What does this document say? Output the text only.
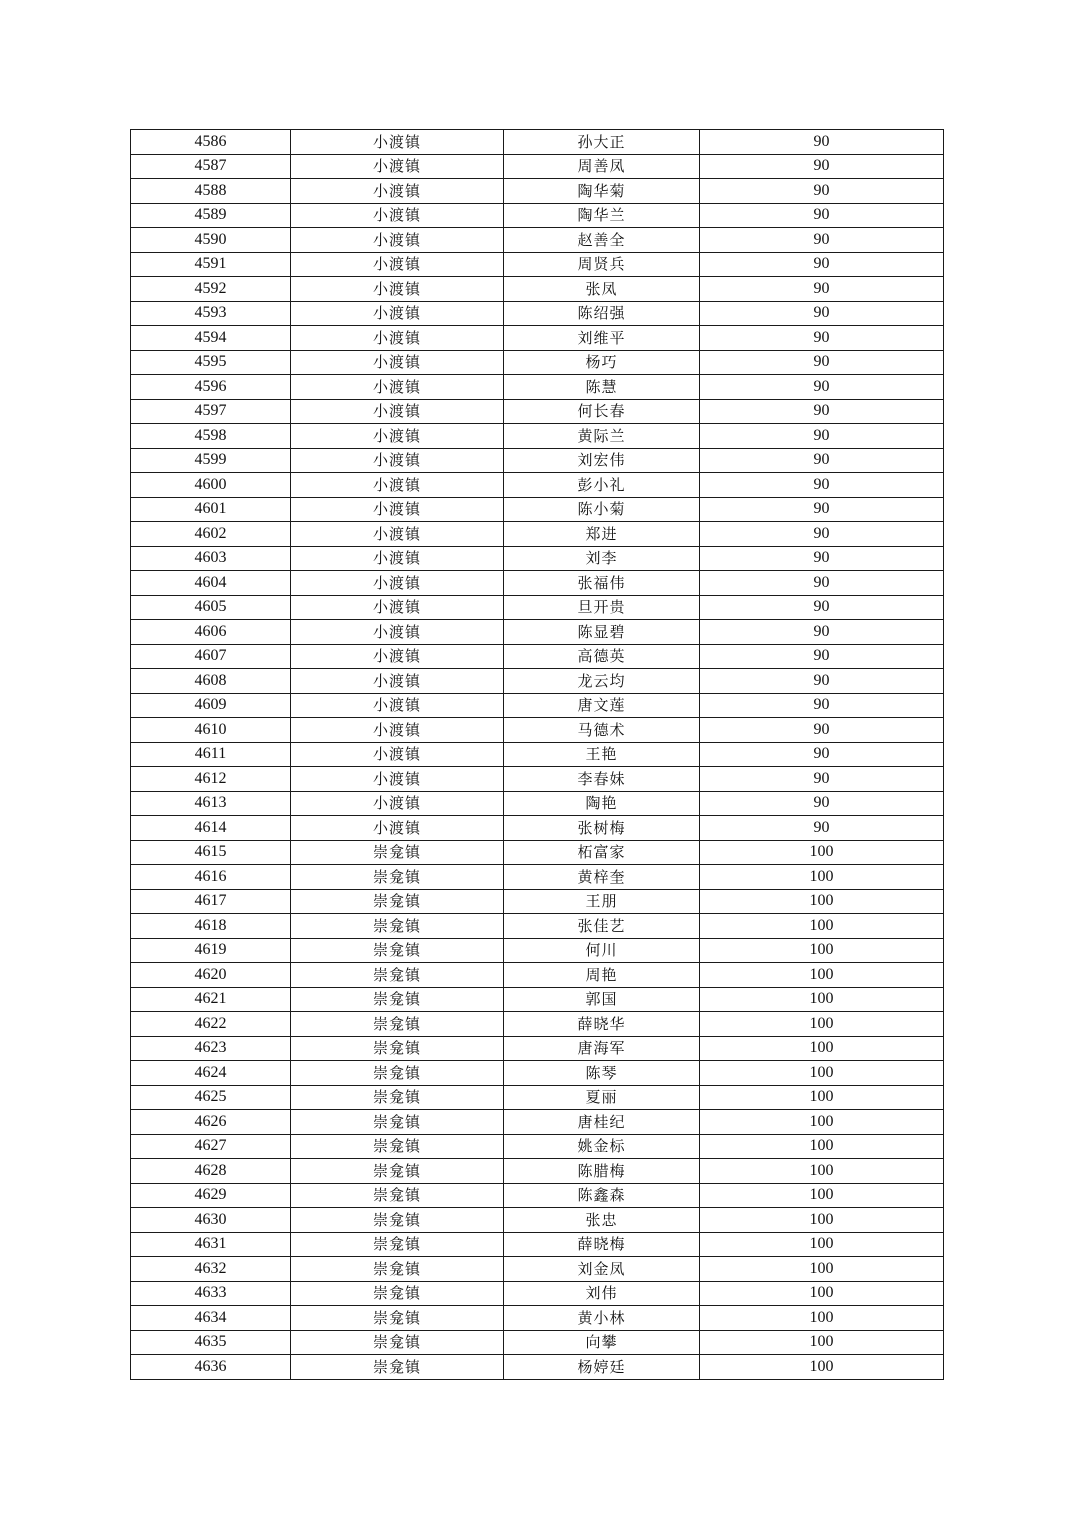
4586	小渡镇	孙大正	90
4587	小渡镇	周善凤	90
4588	小渡镇	陶华菊	90
4589	小渡镇	陶华兰	90
4590	小渡镇	赵善全	90
4591	小渡镇	周贤兵	90
4592	小渡镇	张凤	90
4593	小渡镇	陈绍强	90
4594	小渡镇	刘维平	90
4595	小渡镇	杨巧	90
4596	小渡镇	陈慧	90
4597	小渡镇	何长春	90
4598	小渡镇	黄际兰	90
4599	小渡镇	刘宏伟	90
4600	小渡镇	彭小礼	90
4601	小渡镇	陈小菊	90
4602	小渡镇	郑进	90
4603	小渡镇	刘李	90
4604	小渡镇	张福伟	90
4605	小渡镇	旦开贵	90
4606	小渡镇	陈显碧	90
4607	小渡镇	高德英	90
4608	小渡镇	龙云均	90
4609	小渡镇	唐文莲	90
4610	小渡镇	马德术	90
4611	小渡镇	王艳	90
4612	小渡镇	李春妹	90
4613	小渡镇	陶艳	90
4614	小渡镇	张树梅	90
4615	崇龛镇	柘富家	100
4616	崇龛镇	黄梓奎	100
4617	崇龛镇	王朋	100
4618	崇龛镇	张佳艺	100
4619	崇龛镇	何川	100
4620	崇龛镇	周艳	100
4621	崇龛镇	郭国	100
4622	崇龛镇	薛晓华	100
4623	崇龛镇	唐海军	100
4624	崇龛镇	陈琴	100
4625	崇龛镇	夏丽	100
4626	崇龛镇	唐桂纪	100
4627	崇龛镇	姚金标	100
4628	崇龛镇	陈腊梅	100
4629	崇龛镇	陈鑫森	100
4630	崇龛镇	张忠	100
4631	崇龛镇	薛晓梅	100
4632	崇龛镇	刘金凤	100
4633	崇龛镇	刘伟	100
4634	崇龛镇	黄小林	100
4635	崇龛镇	向攀	100
4636	崇龛镇	杨婷廷	100
